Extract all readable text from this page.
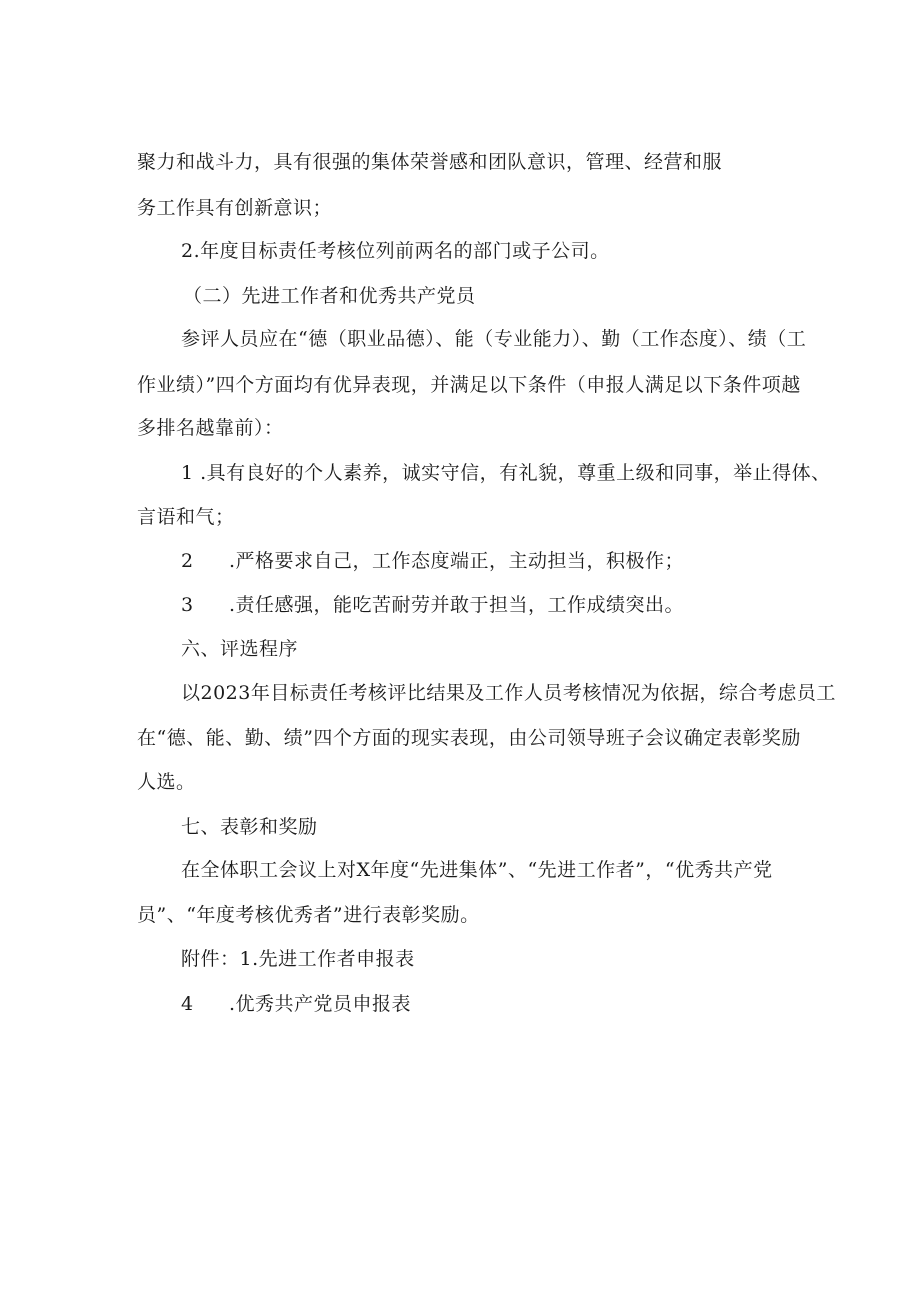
聚力和战斗力，具有很强的集体荣誉感和团队意识，管理、经营和服
务工作具有创新意识；
2.年度目标责任考核位列前两名的部门或子公司。
（二）先进工作者和优秀共产党员
参评人员应在“德（职业品德）、能（专业能力）、勤（工作态度）、绩（工
作业绩）”四个方面均有优异表现，并满足以下条件（申报人满足以下条件项越
多排名越靠前）：
1 .具有良好的个人素养，诚实守信，有礼貌，尊重上级和同事，举止得体、
言语和气；
2 .严格要求自己，工作态度端正，主动担当，积极作；
3 .责任感强，能吃苦耐劳并敢于担当，工作成绩突出。
六、评选程序
以2023年目标责任考核评比结果及工作人员考核情况为依据，综合考虑员工
在“德、能、勤、绩”四个方面的现实表现，由公司领导班子会议确定表彰奖励
人选。
七、表彰和奖励
在全体职工会议上对X年度“先进集体”、“先进工作者”，“优秀共产党
员”、“年度考核优秀者”进行表彰奖励。
附件：1.先进工作者申报表
4 .优秀共产党员申报表
